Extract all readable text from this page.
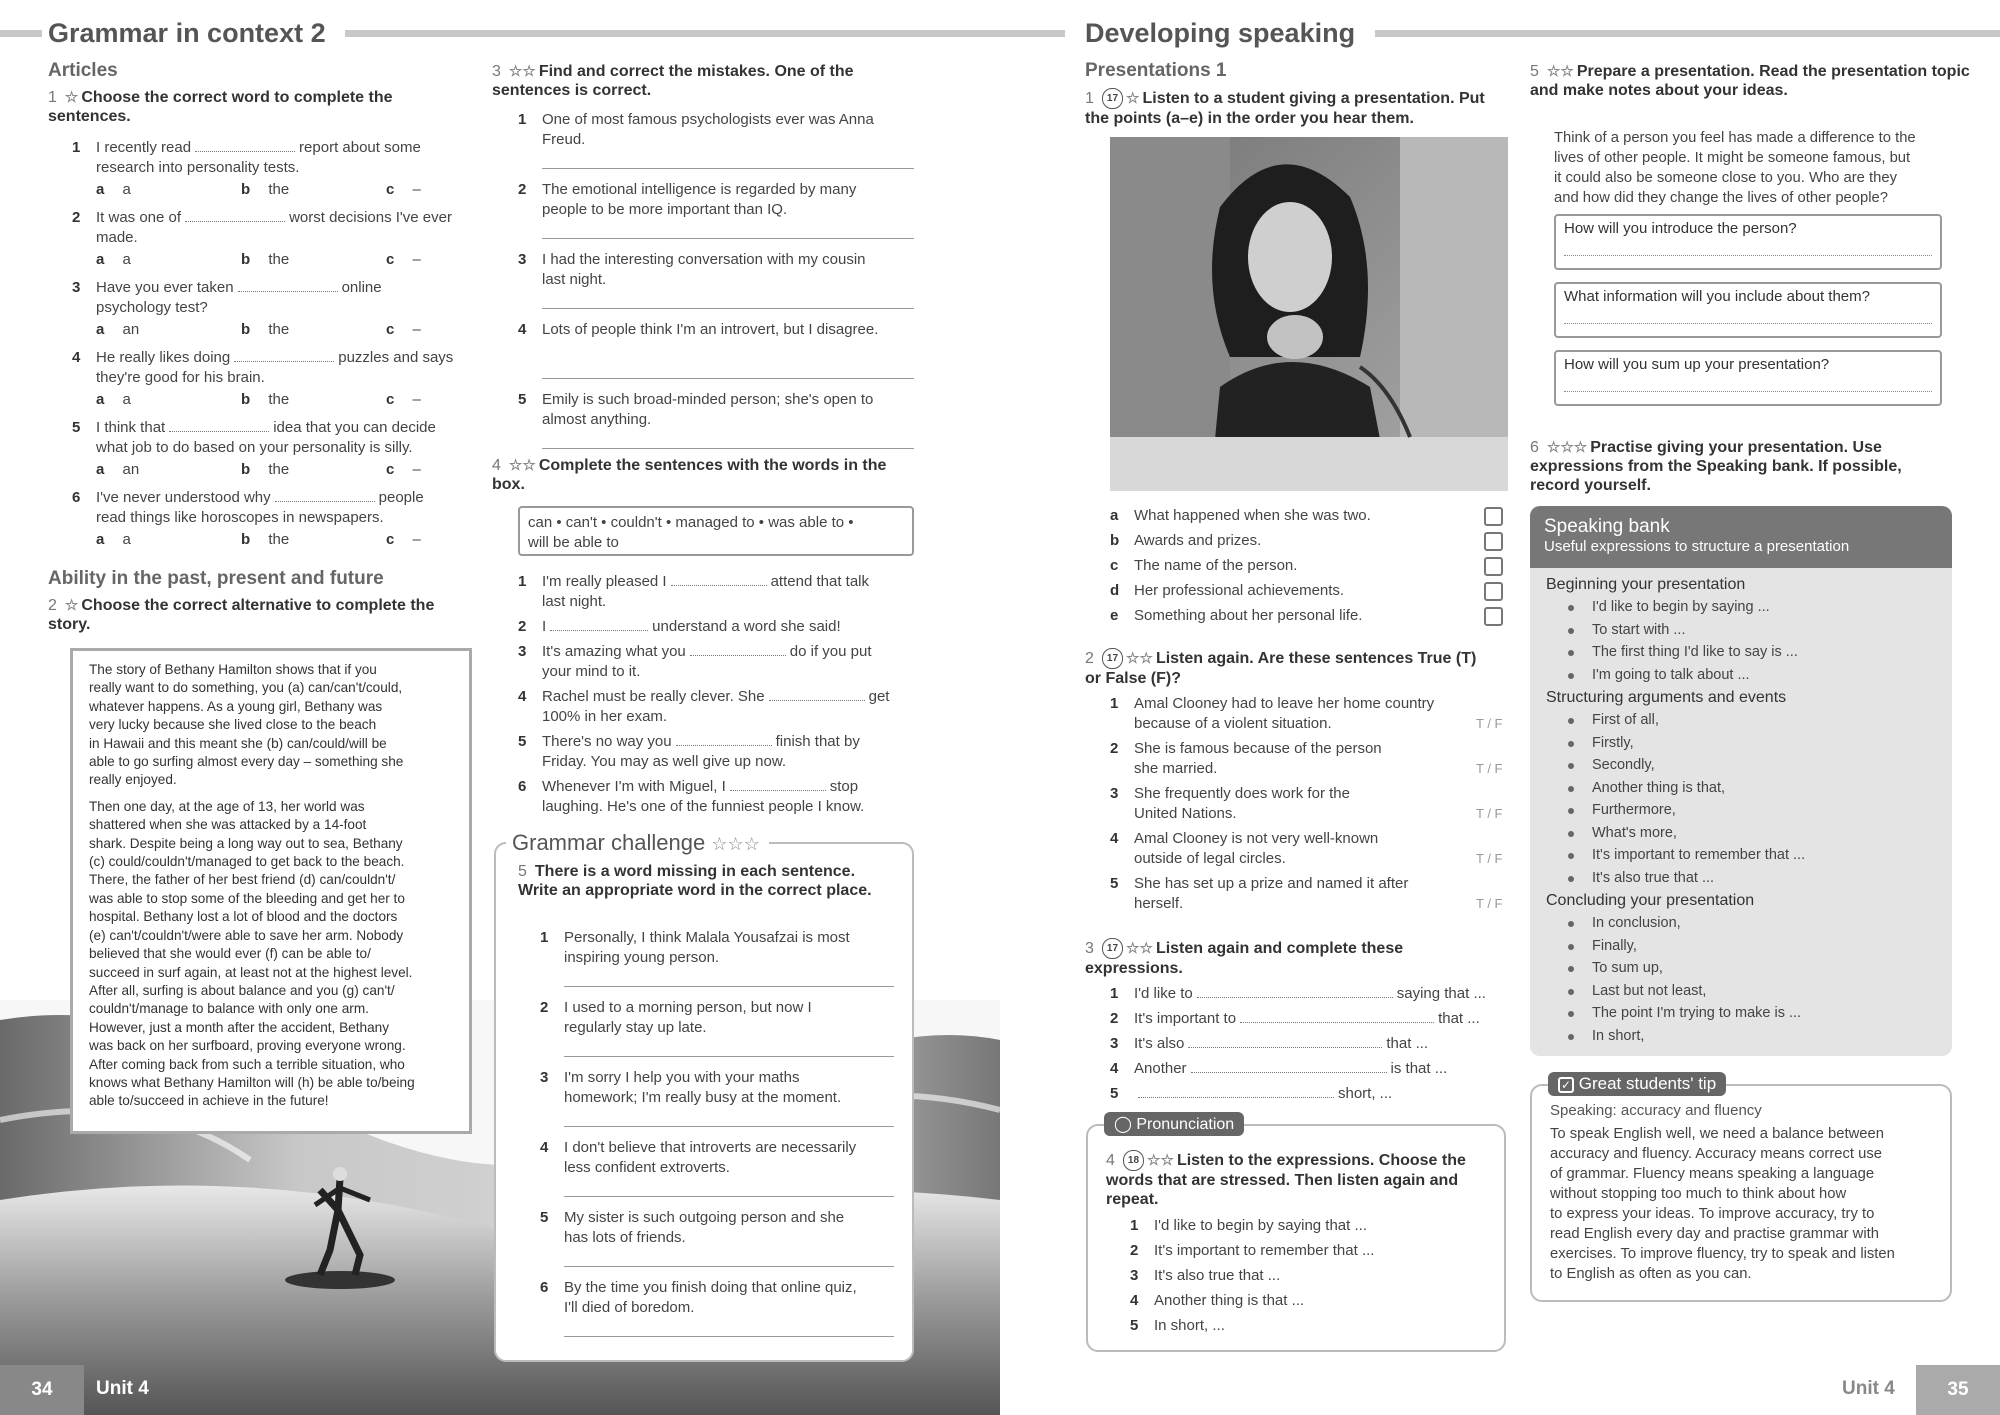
Grammar in context 2
Articles
1 ☆ Choose the correct word to complete the sentences.
Ability in the past, present and future
2 ☆ Choose the correct alternative to complete the story.
The story of Bethany Hamilton shows that if you
really want to do something, you (a) can/can't/could,
whatever happens. As a young girl, Bethany was
very lucky because she lived close to the beach
in Hawaii and this meant she (b) can/could/will be
able to go surfing almost every day – something she
really enjoyed.
Then one day, at the age of 13, her world was
shattered when she was attacked by a 14-foot
shark. Despite being a long way out to sea, Bethany
(c) could/couldn't/managed to get back to the beach.
There, the father of her best friend (d) can/couldn't/
was able to stop some of the bleeding and get her to
hospital. Bethany lost a lot of blood and the doctors
(e) can't/couldn't/were able to save her arm. Nobody
believed that she would ever (f) can be able to/
succeed in surf again, at least not at the highest level.
After all, surfing is about balance and you (g) can't/
couldn't/manage to balance with only one arm.
However, just a month after the accident, Bethany
was back on her surfboard, proving everyone wrong.
After coming back from such a terrible situation, who
knows what Bethany Hamilton will (h) be able to/being
able to/succeed in achieve in the future!
3 ☆☆ Find and correct the mistakes. One of the sentences is correct.
4 ☆☆ Complete the sentences with the words in the box.
can • can't • couldn't • managed to • was able to •
will be able to
Grammar challenge ☆☆☆
5 There is a word missing in each sentence. Write an appropriate word in the correct place.
34	Unit 4
Developing speaking
Presentations 1
1 17 ☆ Listen to a student giving a presentation. Put the points (a–e) in the order you hear them.
2 17 ☆☆ Listen again. Are these sentences True (T) or False (F)?
3 17 ☆☆ Listen again and complete these expressions.
◯ Pronunciation
4 18 ☆☆ Listen to the expressions. Choose the words that are stressed. Then listen again and repeat.
5 ☆☆ Prepare a presentation. Read the presentation topic and make notes about your ideas.
Think of a person you feel has made a difference to the
lives of other people. It might be someone famous, but
it could also be someone close to you. Who are they
and how did they change the lives of other people?
How will you introduce the person?
What information will you include about them?
How will you sum up your presentation?
6 ☆☆☆ Practise giving your presentation. Use expressions from the Speaking bank. If possible, record yourself.
Speaking bank
Useful expressions to structure a presentation
✓ Great students' tip
Speaking: accuracy and fluency
To speak English well, we need a balance between
accuracy and fluency. Accuracy means correct use
of grammar. Fluency means speaking a language
without stopping too much to think about how
to express your ideas. To improve accuracy, try to
read English every day and practise grammar with
exercises. To improve fluency, try to speak and listen
to English as often as you can.
Unit 4	35
1 I recently read	report about some
research into personality tests.
a a	b the	c –
2 It was one of	worst decisions I've ever
made.
a a	b the	c –
3 Have you ever taken	online
psychology test?
a an	b the	c –
4 He really likes doing	puzzles and says
they're good for his brain.
a a	b the	c –
5 I think that	idea that you can decide
what job to do based on your personality is silly.
a an	b the	c –
6 I've never understood why	people
read things like horoscopes in newspapers.
a a	b the	c –
1 One of most famous psychologists ever was Anna
Freud.
2 The emotional intelligence is regarded by many
people to be more important than IQ.
3 I had the interesting conversation with my cousin
last night.
4 Lots of people think I'm an introvert, but I disagree.

5 Emily is such broad-minded person; she's open to
almost anything.
1 I'm really pleased I	attend that talk
last night.
2 I	understand a word she said!
3 It's amazing what you	do if you put
your mind to it.
4 Rachel must be really clever. She	get
100% in her exam.
5 There's no way you	finish that by
Friday. You may as well give up now.
6 Whenever I'm with Miguel, I	stop
laughing. He's one of the funniest people I know.
1 Personally, I think Malala Yousafzai is most
inspiring young person.
2 I used to a morning person, but now I
regularly stay up late.
3 I'm sorry I help you with your maths
homework; I'm really busy at the moment.
4 I don't believe that introverts are necessarily
less confident extroverts.
5 My sister is such outgoing person and she
has lots of friends.
6 By the time you finish doing that online quiz,
I'll died of boredom.
a What happened when she was two.
b Awards and prizes.
c The name of the person.
d Her professional achievements.
e Something about her personal life.
1 Amal Clooney had to leave her home country
because of a violent situation.	T / F
2 She is famous because of the person
she married.	T / F
3 She frequently does work for the
United Nations.	T / F
4 Amal Clooney is not very well-known
outside of legal circles.	T / F
5 She has set up a prize and named it after
herself.	T / F
1 I'd like to	saying that ...
2 It's important to	that ...
3 It's also	that ...
4 Another	is that ...
5	short, ...
1 I'd like to begin by saying that ...
2 It's important to remember that ...
3 It's also true that ...
4 Another thing is that ...
5 In short, ...
Beginning your presentation
I'd like to begin by saying ...
To start with ...
The first thing I'd like to say is ...
I'm going to talk about ...
Structuring arguments and events
First of all,
Firstly,
Secondly,
Another thing is that,
Furthermore,
What's more,
It's important to remember that ...
It's also true that ...
Concluding your presentation
In conclusion,
Finally,
To sum up,
Last but not least,
The point I'm trying to make is ...
In short,
